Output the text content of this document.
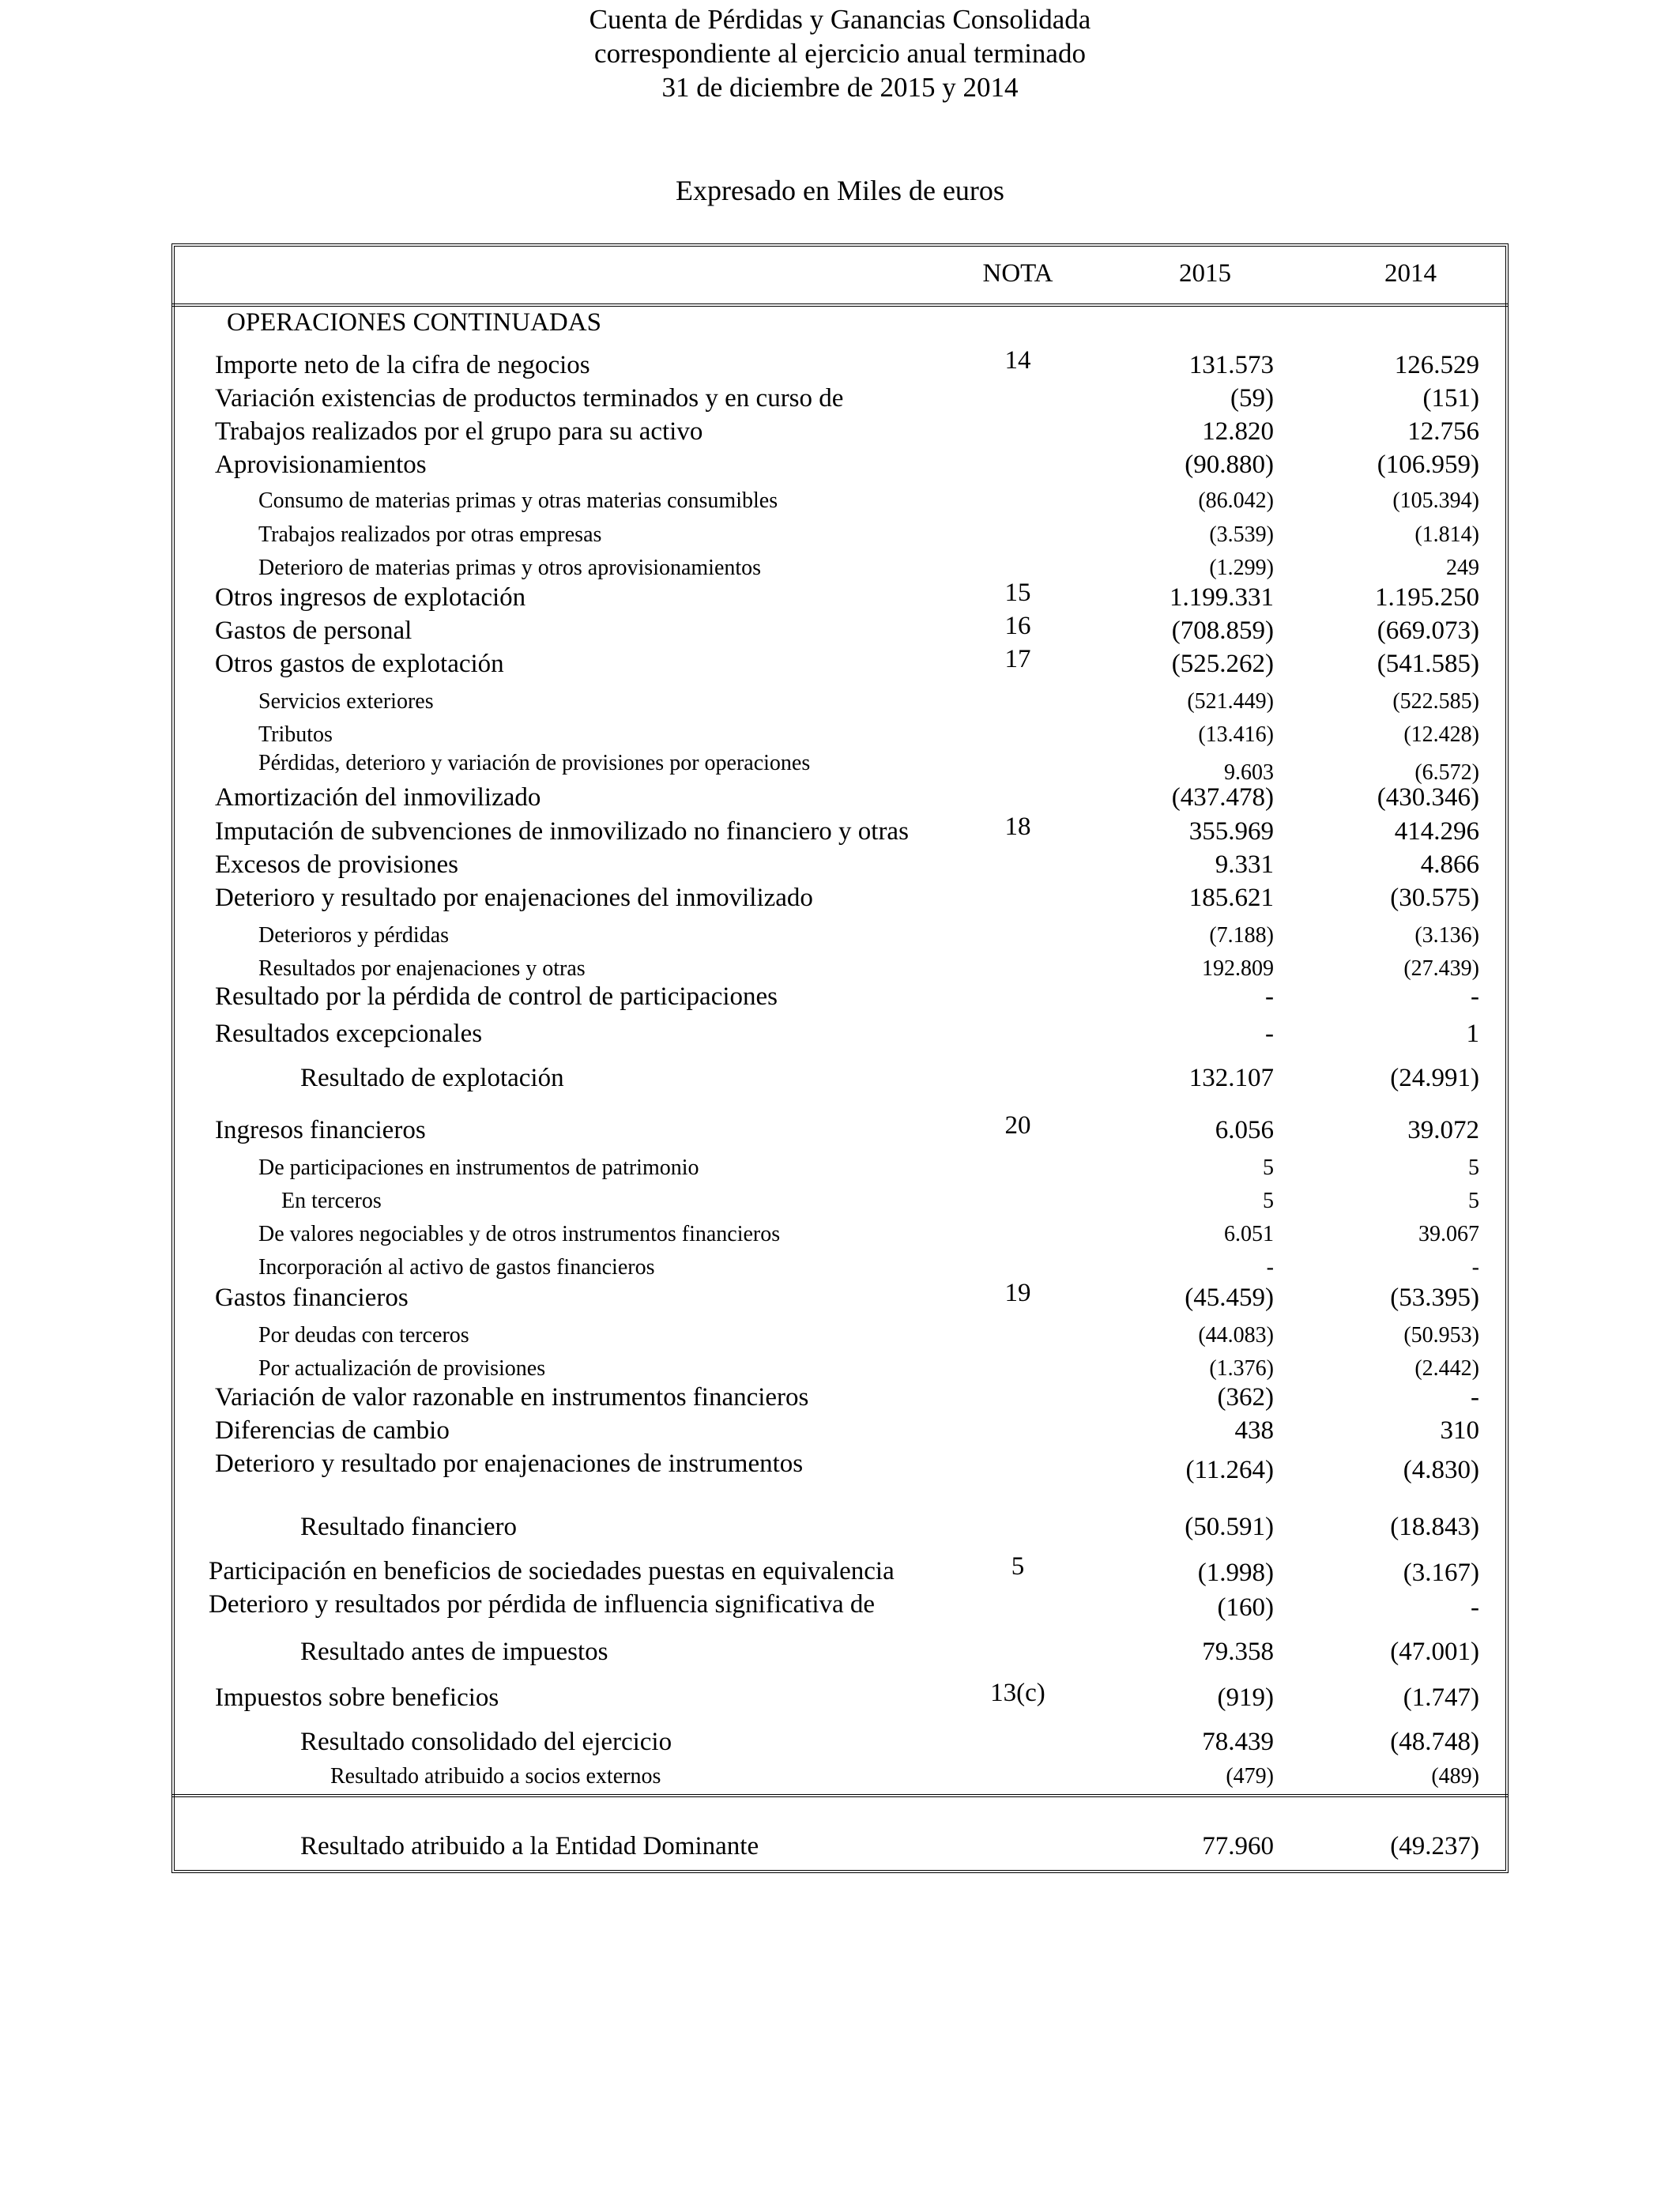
Cuenta de Pérdidas y Ganancias Consolidada
correspondiente al ejercicio anual terminado
31 de diciembre de 2015 y 2014
Expresado en Miles de euros
NOTA	2015	2014
OPERACIONES CONTINUADAS
Importe neto de la cifra de negocios	14	131.573	126.529
Variación existencias de productos terminados y en curso de	(59)	(151)
Trabajos realizados por el grupo para su activo	12.820	12.756
Aprovisionamientos	(90.880)	(106.959)
Consumo de materias primas y otras materias consumibles	(86.042)	(105.394)
Trabajos realizados por otras empresas	(3.539)	(1.814)
Deterioro de materias primas y otros aprovisionamientos	(1.299)	249
Otros ingresos de explotación	15	1.199.331	1.195.250
Gastos de personal	16	(708.859)	(669.073)
Otros gastos de explotación	17	(525.262)	(541.585)
Servicios exteriores	(521.449)	(522.585)
Tributos	(13.416)	(12.428)
Pérdidas, deterioro y variación de provisiones por operaciones	9.603	(6.572)
Amortización del inmovilizado	(437.478)	(430.346)
Imputación de subvenciones de inmovilizado no financiero y otras	18	355.969	414.296
Excesos de provisiones	9.331	4.866
Deterioro y resultado por enajenaciones del inmovilizado	185.621	(30.575)
Deterioros y pérdidas	(7.188)	(3.136)
Resultados por enajenaciones y otras	192.809	(27.439)
Resultado por la pérdida de control de participaciones	-	-
Resultados excepcionales	-	1
Resultado de explotación	132.107	(24.991)
Ingresos financieros	20	6.056	39.072
De participaciones en instrumentos de patrimonio	5	5
En terceros	5	5
De valores negociables y de otros instrumentos financieros	6.051	39.067
Incorporación al activo de gastos financieros	-	-
Gastos financieros	19	(45.459)	(53.395)
Por deudas con terceros	(44.083)	(50.953)
Por actualización de provisiones	(1.376)	(2.442)
Variación de valor razonable en instrumentos financieros	(362)	-
Diferencias de cambio	438	310
Deterioro y resultado por enajenaciones de instrumentos	(11.264)	(4.830)
Resultado financiero	(50.591)	(18.843)
Participación en beneficios de sociedades puestas en equivalencia	5	(1.998)	(3.167)
Deterioro y resultados por pérdida de influencia significativa de	(160)	-
Resultado antes de impuestos	79.358	(47.001)
Impuestos sobre beneficios	13(c)	(919)	(1.747)
Resultado consolidado del ejercicio	78.439	(48.748)
Resultado atribuido a socios externos	(479)	(489)
Resultado atribuido a la Entidad Dominante	77.960	(49.237)
